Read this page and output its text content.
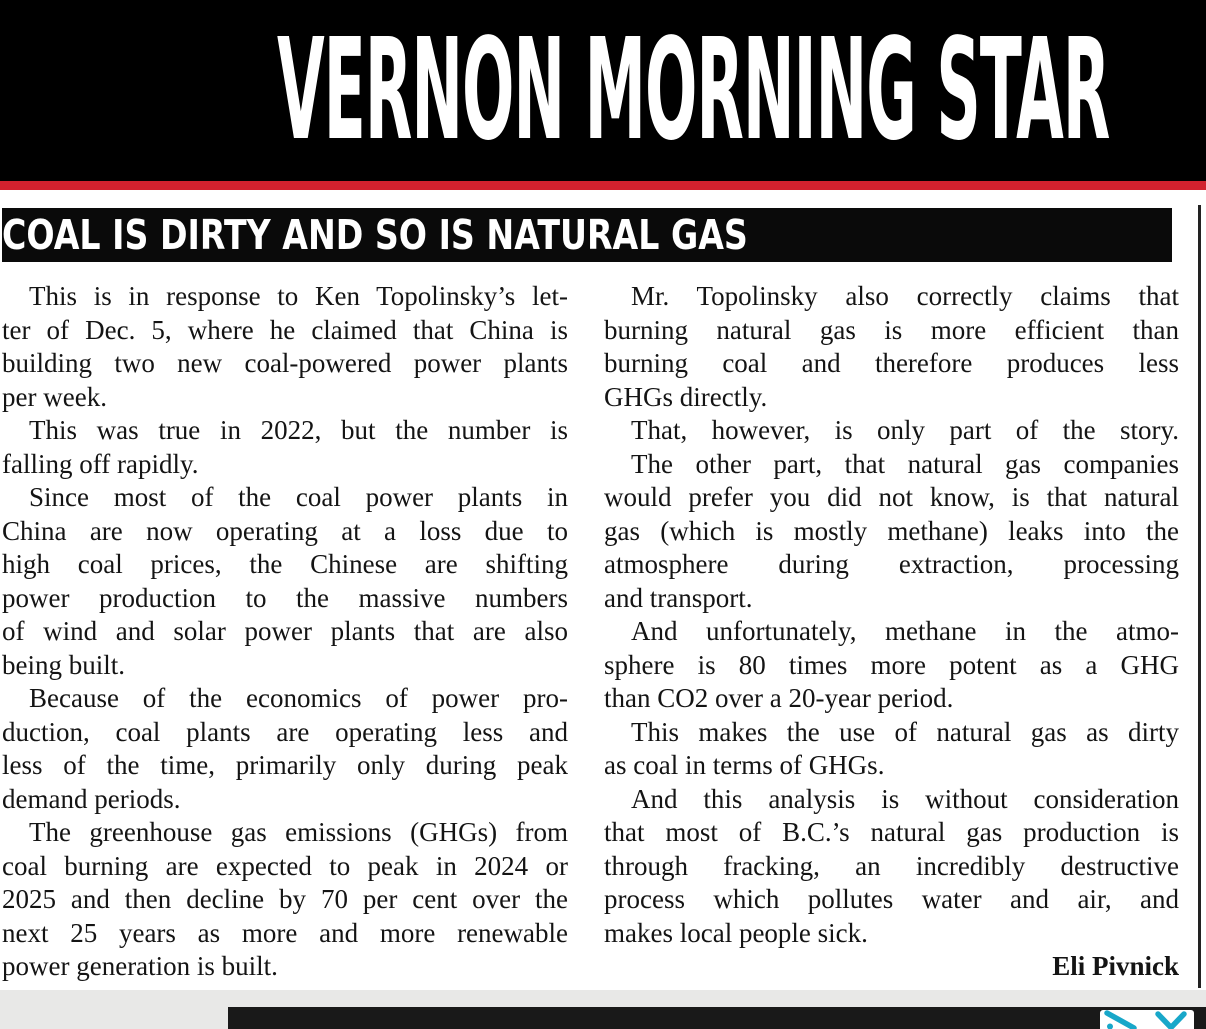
VERNON MORNING STAR
COAL IS DIRTY AND SO IS NATURAL GAS
This is in response to Ken Topolinsky’s let-
ter of Dec. 5, where he claimed that China is
building two new coal-powered power plants
per week.
This was true in 2022, but the number is
falling off rapidly.
Since most of the coal power plants in
China are now operating at a loss due to
high coal prices, the Chinese are shifting
power production to the massive numbers
of wind and solar power plants that are also
being built.
Because of the economics of power pro-
duction, coal plants are operating less and
less of the time, primarily only during peak
demand periods.
The greenhouse gas emissions (GHGs) from
coal burning are expected to peak in 2024 or
2025 and then decline by 70 per cent over the
next 25 years as more and more renewable
power generation is built.
Mr. Topolinsky also correctly claims that
burning natural gas is more efficient than
burning coal and therefore produces less
GHGs directly.
That, however, is only part of the story.
The other part, that natural gas companies
would prefer you did not know, is that natural
gas (which is mostly methane) leaks into the
atmosphere during extraction, processing
and transport.
And unfortunately, methane in the atmo-
sphere is 80 times more potent as a GHG
than CO2 over a 20-year period.
This makes the use of natural gas as dirty
as coal in terms of GHGs.
And this analysis is without consideration
that most of B.C.’s natural gas production is
through fracking, an incredibly destructive
process which pollutes water and air, and
makes local people sick.
Eli Pivnick
